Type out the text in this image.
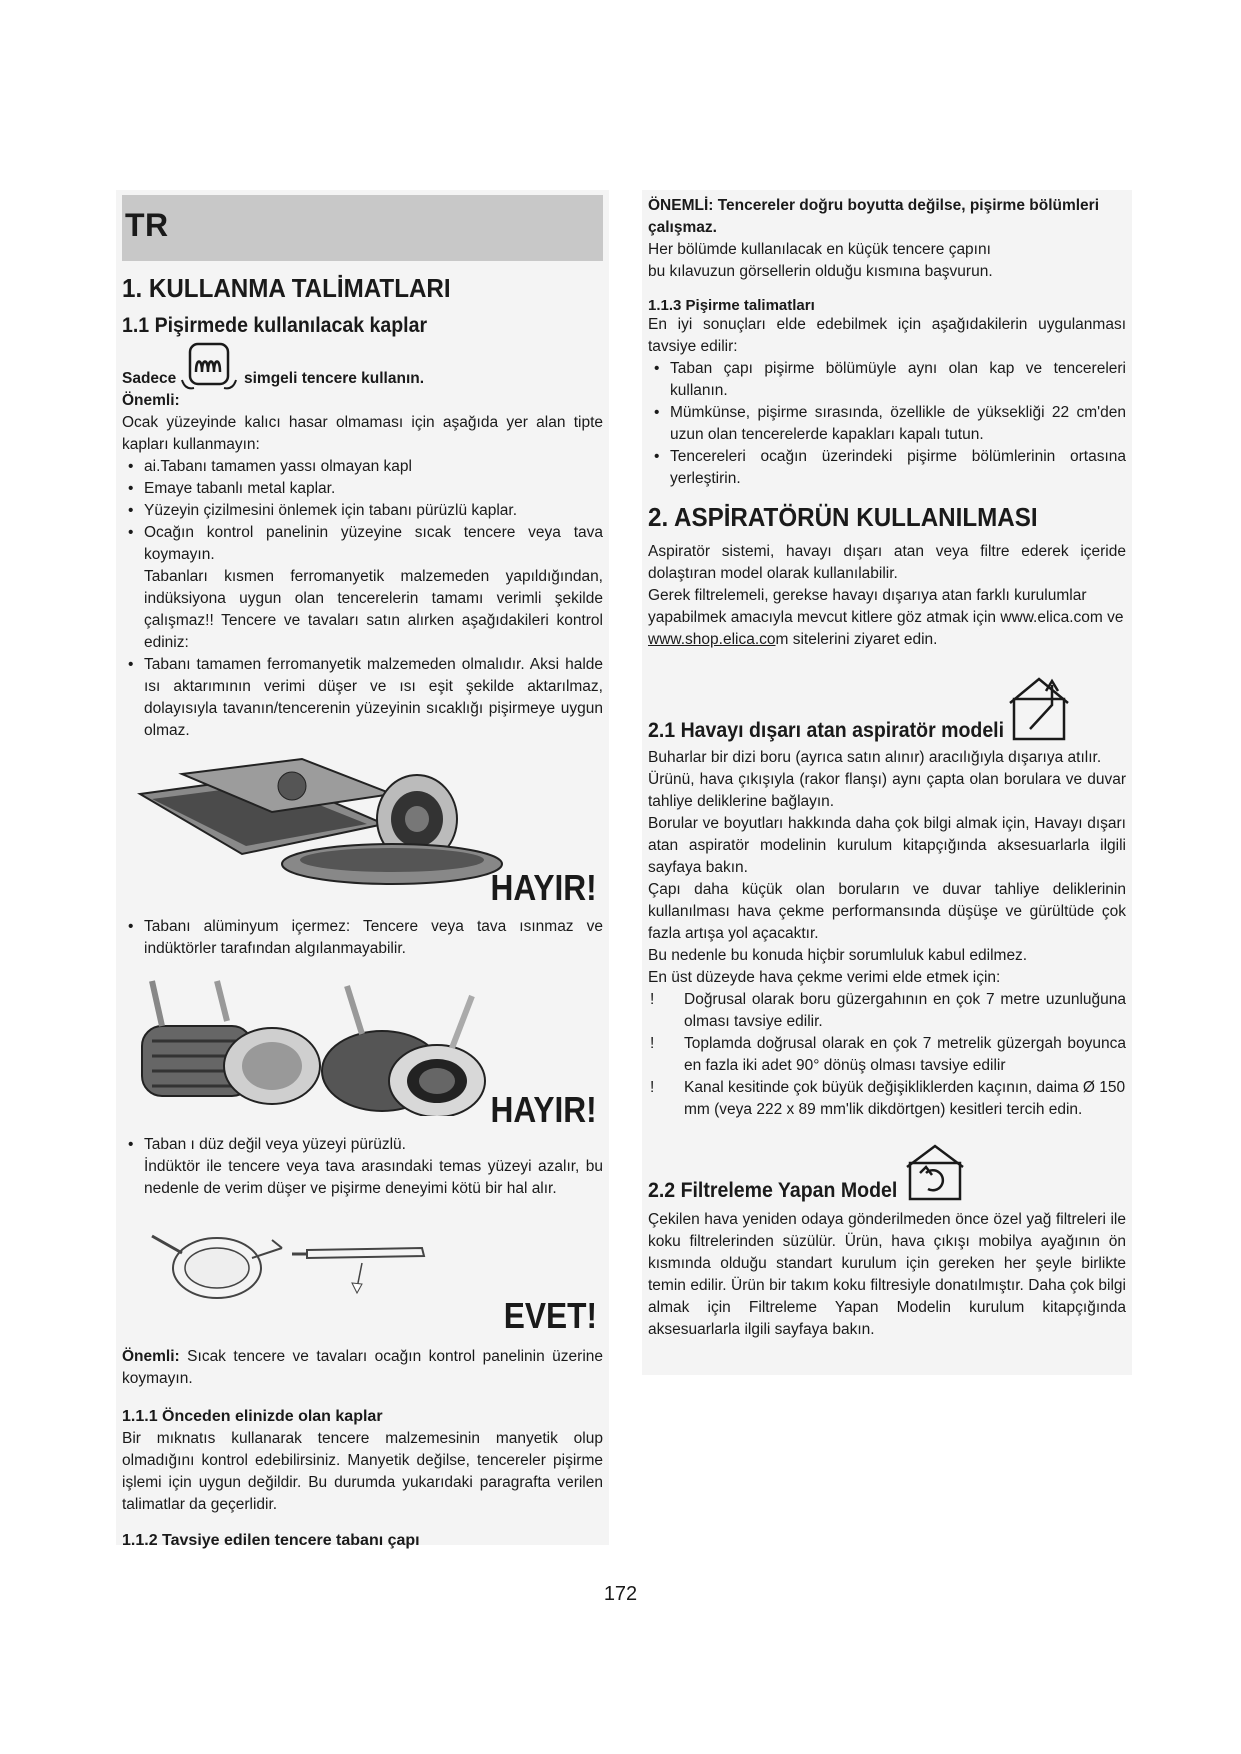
TR
1. KULLANMA TALİMATLARI
1.1 Pişirmede kullanılacak kaplar
Sadece	simgeli tencere kullanın.
Önemli:

Ocak yüzeyinde kalıcı hasar olmaması için aşağıda yer alan tipte kapları kullanmayın:

• ai.Tabanı tamamen yassı olmayan kapl
• Emaye tabanlı metal kaplar.
• Yüzeyin çizilmesini önlemek için tabanı pürüzlü kaplar.
• Ocağın kontrol panelinin yüzeyine sıcak tencere veya tava koymayın.

Tabanları kısmen ferromanyetik malzemeden yapıldığından, indüksiyona uygun olan tencerelerin tamamı verimli şekilde çalışmaz!! Tencere ve tavaları satın alırken aşağıdakileri kontrol ediniz:

• Tabanı tamamen ferromanyetik malzemeden olmalıdır. Aksi halde ısı aktarımının verimi düşer ve ısı eşit şekilde aktarılmaz, dolayısıyla tavanın/tencerenin yüzeyinin sıcaklığı pişirmeye uygun olmaz.
HAYIR!
• Tabanı alüminyum içermez: Tencere veya tava ısınmaz ve indüktörler tarafından algılanmayabilir.
HAYIR!
• Taban ı düz değil veya yüzeyi pürüzlü.

İndüktör ile tencere veya tava arasındaki temas yüzeyi azalır, bu nedenle de verim düşer ve pişirme deneyimi kötü bir hal alır.

EVET!

Önemli: Sıcak tencere ve tavaları ocağın kontrol panelinin üzerine koymayın.

1.1.1 Önceden elinizde olan kaplar

Bir mıknatıs kullanarak tencere malzemesinin manyetik olup olmadığını kontrol edebilirsiniz. Manyetik değilse, tencereler pişirme işlemi için uygun değildir. Bu durumda yukarıdaki paragrafta verilen talimatlar da geçerlidir.

1.1.2 Tavsiye edilen tencere tabanı çapı

ÖNEMLİ: Tencereler doğru boyutta değilse, pişirme bölümleri çalışmaz.

Her bölümde kullanılacak en küçük tencere çapını

bu kılavuzun görsellerin olduğu kısmına başvurun.

1.1.3 Pişirme talimatları

En iyi sonuçları elde edebilmek için aşağıdakilerin uygulanması tavsiye edilir:

• Taban çapı pişirme bölümüyle aynı olan kap ve tencereleri kullanın.
• Mümkünse, pişirme sırasında, özellikle de yüksekliği 22 cm'den uzun olan tencerelerde kapakları kapalı tutun.
• Tencereleri ocağın üzerindeki pişirme bölümlerinin ortasına yerleştirin.
2. ASPİRATÖRÜN KULLANILMASI

Aspiratör sistemi, havayı dışarı atan veya filtre ederek içeride dolaştıran model olarak kullanılabilir.

Gerek filtrelemeli, gerekse havayı dışarıya atan farklı kurulumlar yapabilmek amacıyla mevcut kitlere göz atmak için www.elica.com ve www.shop.elica.com sitelerini ziyaret edin.

2.1 Havayı dışarı atan aspiratör modeli

Buharlar bir dizi boru (ayrıca satın alınır) aracılığıyla dışarıya atılır.

Ürünü, hava çıkışıyla (rakor flanşı) aynı çapta olan borulara ve duvar tahliye deliklerine bağlayın.

Borular ve boyutları hakkında daha çok bilgi almak için, Havayı dışarı atan aspiratör modelinin kurulum kitapçığında aksesuarlarla ilgili sayfaya bakın.

Çapı daha küçük olan boruların ve duvar tahliye deliklerinin kullanılması hava çekme performansında düşüşe ve gürültüde çok fazla artışa yol açacaktır.

Bu nedenle bu konuda hiçbir sorumluluk kabul edilmez.

En üst düzeyde hava çekme verimi elde etmek için:

! Doğrusal olarak boru güzergahının en çok 7 metre uzunluğuna olması tavsiye edilir.
! Toplamda doğrusal olarak en çok 7 metrelik güzergah boyunca en fazla iki adet 90° dönüş olması tavsiye edilir
! Kanal kesitinde çok büyük değişikliklerden kaçının, daima Ø 150 mm (veya 222 x 89 mm'lik dikdörtgen) kesitleri tercih edin.
2.2 Filtreleme Yapan Model

Çekilen hava yeniden odaya gönderilmeden önce özel yağ filtreleri ile koku filtrelerinden süzülür. Ürün, hava çıkışı mobilya ayağının ön kısmında olduğu standart kurulum için gereken her şeyle birlikte temin edilir. Ürün bir takım koku filtresiyle donatılmıştır. Daha çok bilgi almak için Filtreleme Yapan Modelin kurulum kitapçığında aksesuarlarla ilgili sayfaya bakın.

172
